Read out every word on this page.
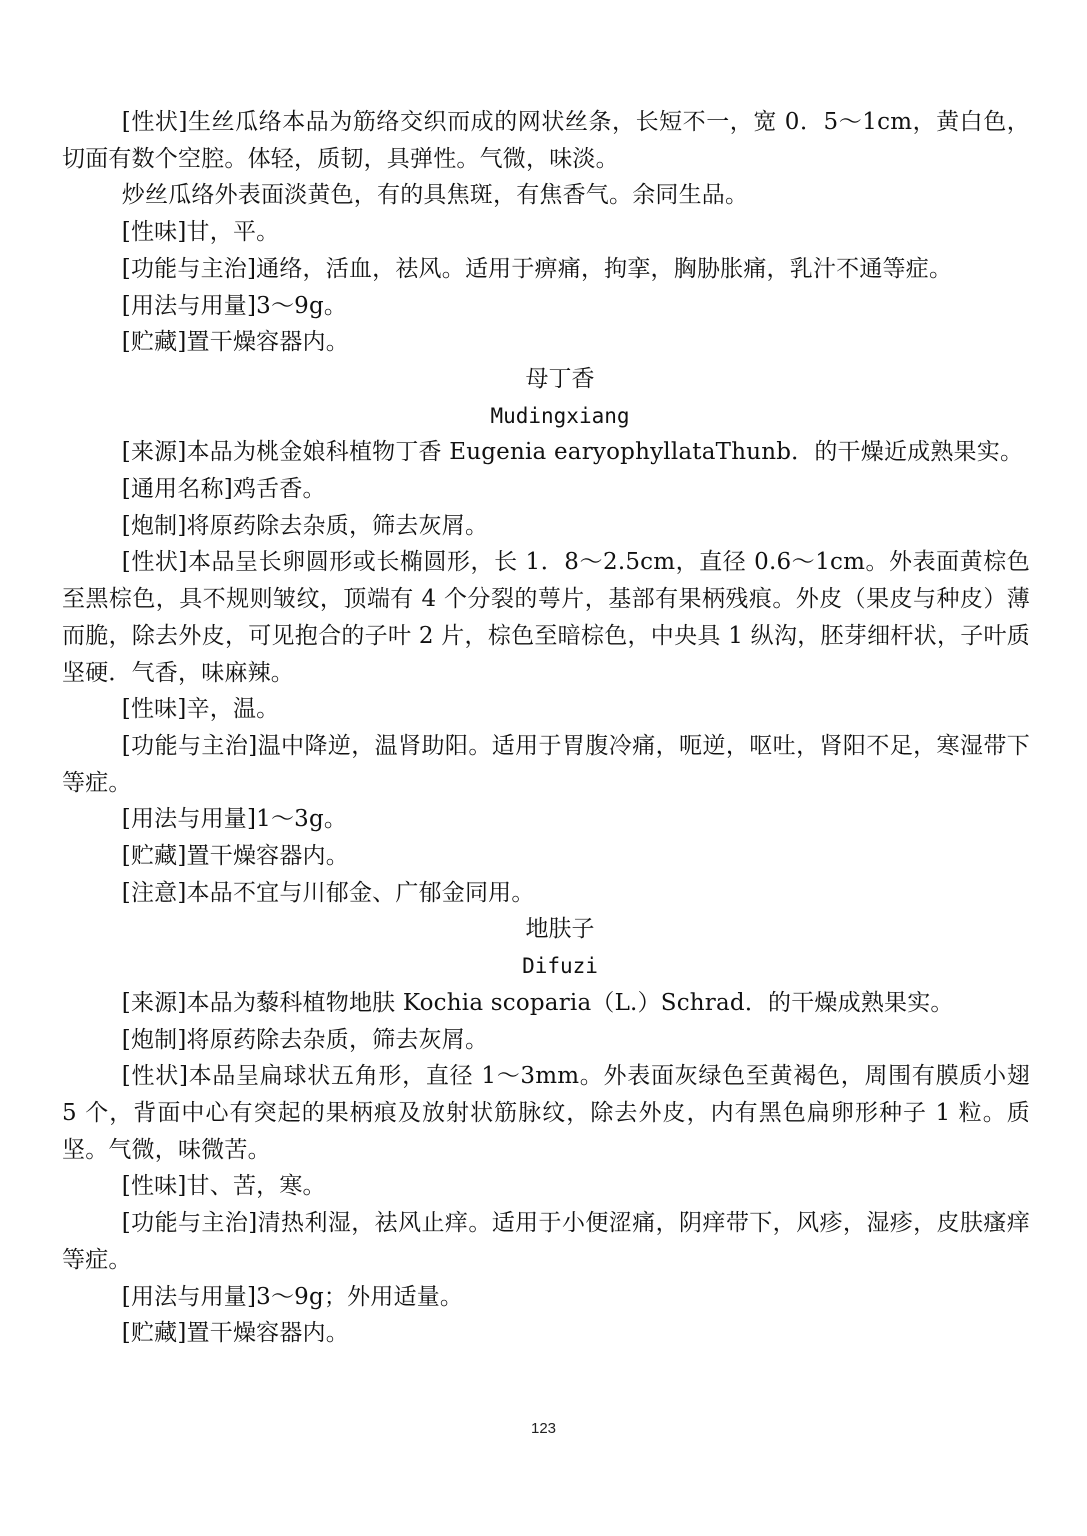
[性状]生丝瓜络本品为筋络交织而成的网状丝条，长短不一，宽 0．5～1cm，黄白色，切面有数个空腔。体轻，质韧，具弹性。气微，味淡。

炒丝瓜络外表面淡黄色，有的具焦斑，有焦香气。余同生品。

[性味]甘，平。

[功能与主治]通络，活血，祛风。适用于痹痛，拘挛，胸胁胀痛，乳汁不通等症。

[用法与用量]3～9g。

[贮藏]置干燥容器内。

母丁香

Mudingxiang

[来源]本品为桃金娘科植物丁香 Eugenia earyophyllataThunb．的干燥近成熟果实。

[通用名称]鸡舌香。

[炮制]将原药除去杂质，筛去灰屑。

[性状]本品呈长卵圆形或长椭圆形，长 1．8～2.5cm，直径 0.6～1cm。外表面黄棕色至黑棕色，具不规则皱纹，顶端有 4 个分裂的萼片，基部有果柄残痕。外皮（果皮与种皮）薄而脆，除去外皮，可见抱合的子叶 2 片，棕色至暗棕色，中央具 1 纵沟，胚芽细杆状，子叶质坚硬．气香，味麻辣。

[性味]辛，温。

[功能与主治]温中降逆，温肾助阳。适用于胃腹冷痛，呃逆，呕吐，肾阳不足，寒湿带下等症。

[用法与用量]1～3g。

[贮藏]置干燥容器内。

[注意]本品不宜与川郁金、广郁金同用。

地肤子

Difuzi

[来源]本品为藜科植物地肤 Kochia scoparia（L.）Schrad．的干燥成熟果实。

[炮制]将原药除去杂质，筛去灰屑。

[性状]本品呈扁球状五角形，直径 1～3mm。外表面灰绿色至黄褐色，周围有膜质小翅 5 个，背面中心有突起的果柄痕及放射状筋脉纹，除去外皮，内有黑色扁卵形种子 1 粒。质坚。气微，味微苦。

[性味]甘、苦，寒。

[功能与主治]清热利湿，祛风止痒。适用于小便涩痛，阴痒带下，风疹，湿疹，皮肤瘙痒等症。

[用法与用量]3～9g；外用适量。

[贮藏]置干燥容器内。

123
